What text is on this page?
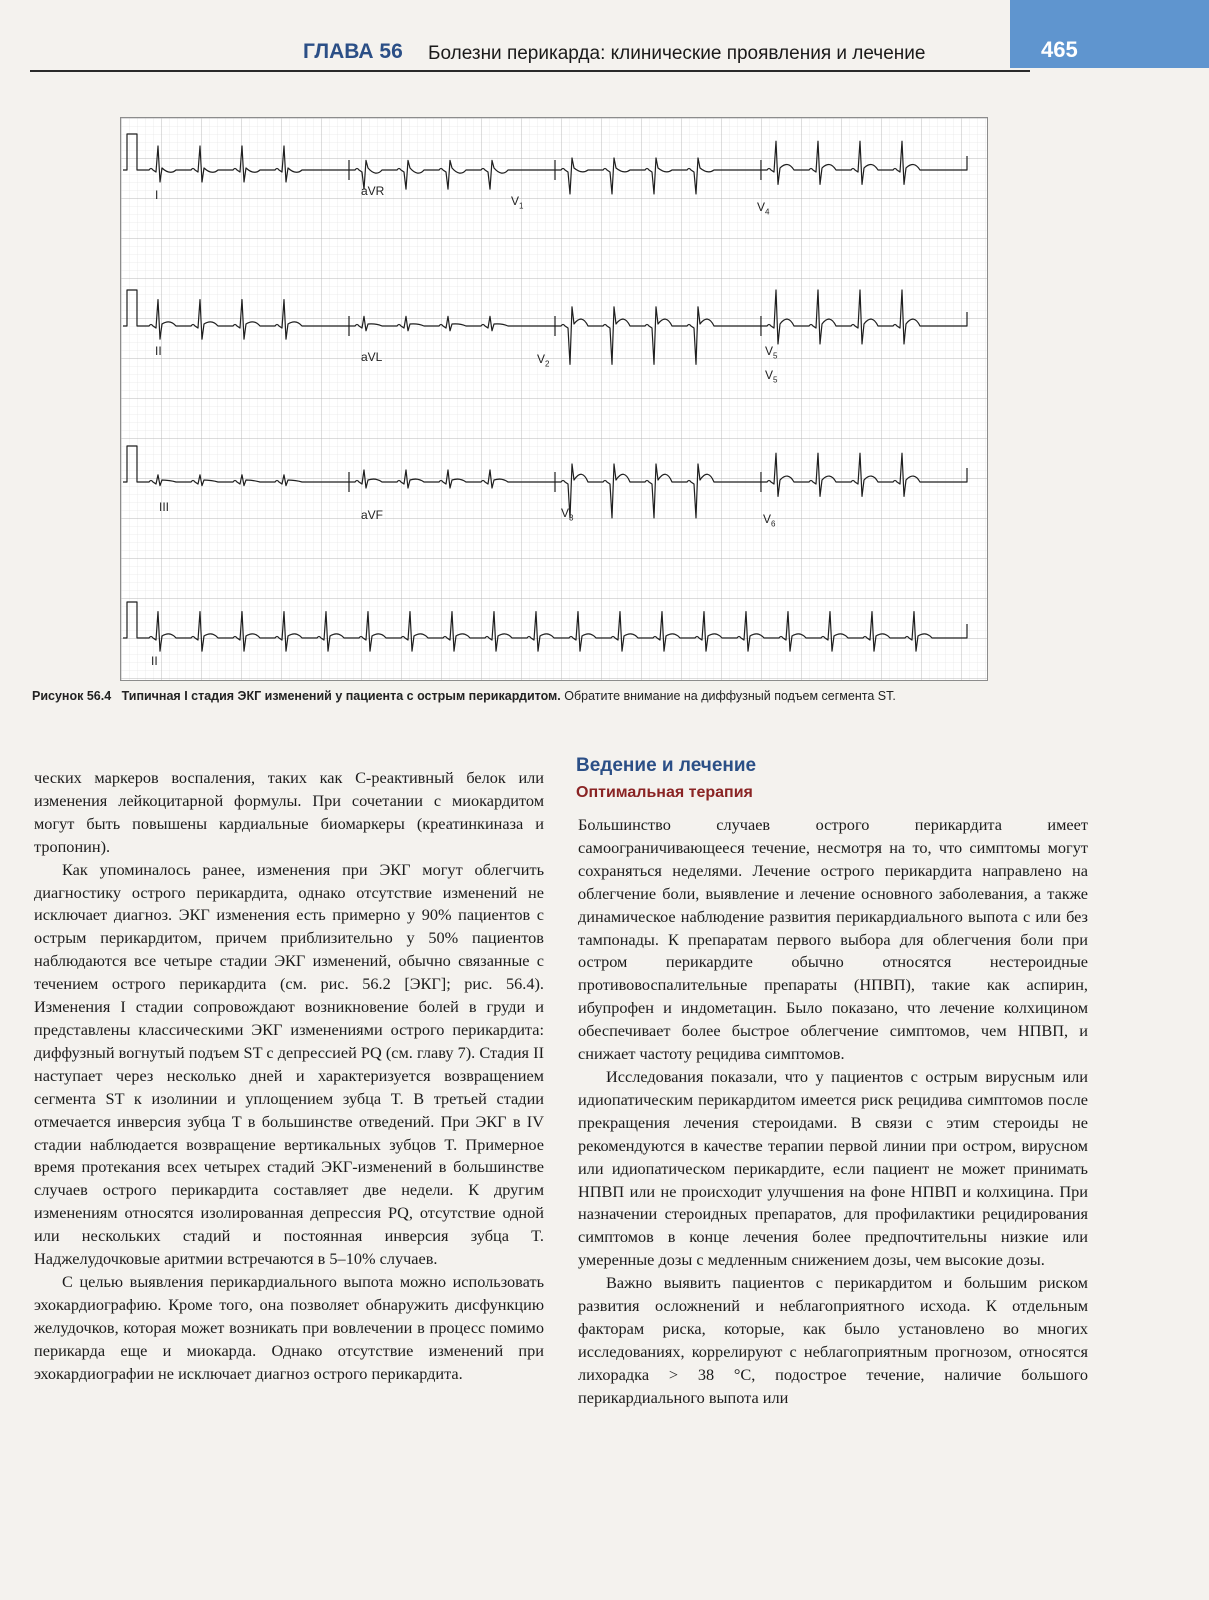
465
ГЛАВА 56 Болезни перикарда: клинические проявления и лечение
I	aVR
$V_1$	$V_4$
II	aVL	$V_2$
$V_5$
$V_5$
III
aVF	$V_3$	$V_6$
II
Рисунок 56.4 Типичная I стадия ЭКГ изменений у пациента с острым перикардитом. Обратите внимание на диффузный подъем сегмента ST.

ческих маркеров воспаления, таких как С-реактивный белок или изменения лейкоцитарной формулы. При сочетании с миокардитом могут быть повышены кардиальные биомаркеры (креатинкиназа и тропонин).

Как упоминалось ранее, изменения при ЭКГ могут облегчить диагностику острого перикардита, однако отсутствие изменений не исключает диагноз. ЭКГ изменения есть примерно у 90% пациентов с острым перикардитом, причем приблизительно у 50% пациентов наблюдаются все четыре стадии ЭКГ изменений, обычно связанные с течением острого перикардита (см. рис. 56.2 [ЭКГ]; рис. 56.4). Изменения I стадии сопровождают возникновение болей в груди и представлены классическими ЭКГ изменениями острого перикардита: диффузный вогнутый подъем ST с депрессией PQ (см. главу 7). Стадия II наступает через несколько дней и характеризуется возвращением сегмента ST к изолинии и уплощением зубца T. В третьей стадии отмечается инверсия зубца T в большинстве отведений. При ЭКГ в IV стадии наблюдается возвращение вертикальных зубцов T. Примерное время протекания всех четырех стадий ЭКГ-изменений в большинстве случаев острого перикардита составляет две недели. К другим изменениям относятся изолированная депрессия PQ, отсутствие одной или нескольких стадий и постоянная инверсия зубца T. Наджелудочковые аритмии встречаются в 5–10% случаев.

С целью выявления перикардиального выпота можно использовать эхокардиографию. Кроме того, она позволяет обнаружить дисфункцию желудочков, которая может возникать при вовлечении в процесс помимо перикарда еще и миокарда. Однако отсутствие изменений при эхокардиографии не исключает диагноз острого перикардита.

Ведение и лечение
Оптимальная терапия

Большинство случаев острого перикардита имеет самоограничивающееся течение, несмотря на то, что симптомы могут сохраняться неделями. Лечение острого перикардита направлено на облегчение боли, выявление и лечение основного заболевания, а также динамическое наблюдение развития перикардиального выпота с или без тампонады. К препаратам первого выбора для облегчения боли при остром перикардите обычно относятся нестероидные противовоспалительные препараты (НПВП), такие как аспирин, ибупрофен и индометацин. Было показано, что лечение колхицином обеспечивает более быстрое облегчение симптомов, чем НПВП, и снижает частоту рецидива симптомов.

Исследования показали, что у пациентов с острым вирусным или идиопатическим перикардитом имеется риск рецидива симптомов после прекращения лечения стероидами. В связи с этим стероиды не рекомендуются в качестве терапии первой линии при остром, вирусном или идиопатическом перикардите, если пациент не может принимать НПВП или не происходит улучшения на фоне НПВП и колхицина. При назначении стероидных препаратов, для профилактики рецидирования симптомов в конце лечения более предпочтительны низкие или умеренные дозы с медленным снижением дозы, чем высокие дозы.

Важно выявить пациентов с перикардитом и большим риском развития осложнений и неблагоприятного исхода. К отдельным факторам риска, которые, как было установлено во многих исследованиях, коррелируют с неблагоприятным прогнозом, относятся лихорадка > 38 °C, подострое течение, наличие большого перикардиального выпота или
